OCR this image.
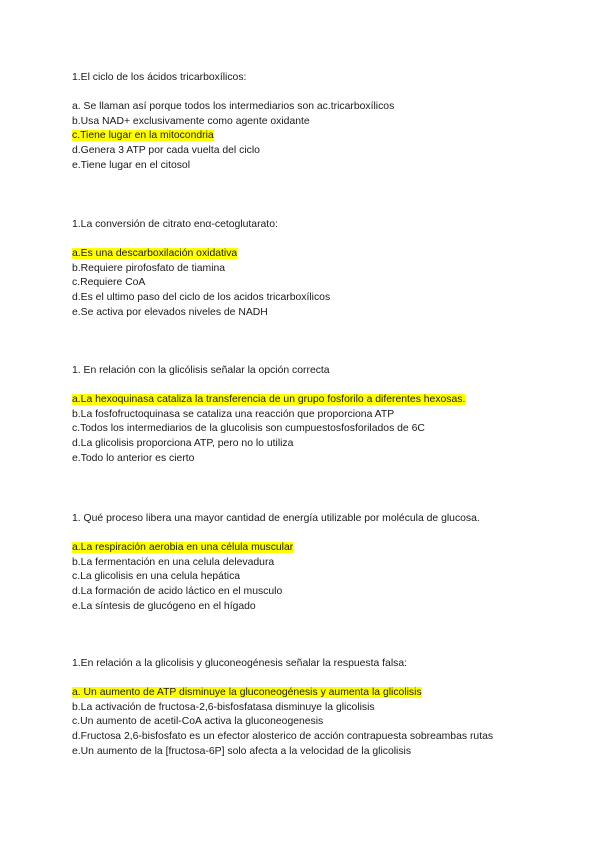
1.El ciclo de los ácidos tricarboxílicos:

a. Se llaman así porque todos los intermediarios son ac.tricarboxílicos
b.Usa NAD+ exclusivamente como agente oxidante
c.Tiene lugar en la mitocondria
d.Genera 3 ATP por cada vuelta del ciclo
e.Tiene lugar en el citosol

1.La conversión de citrato enα-cetoglutarato:

a.Es una descarboxilación oxidativa
b.Requiere pirofosfato de tiamina
c.Requiere CoA
d.Es el ultimo paso del ciclo de los acidos tricarboxílicos
e.Se activa por elevados niveles de NADH

1. En relación con la glicólisis señalar la opción correcta

a.La hexoquinasa cataliza la transferencia de un grupo fosforilo a diferentes hexosas.
b.La fosfofructoquinasa se cataliza una reacción que proporciona ATP
c.Todos los intermediarios de la glucolisis son cumpuestosfosforilados de 6C
d.La glicolisis proporciona ATP, pero no lo utiliza
e.Todo lo anterior es cierto

1. Qué proceso libera una mayor cantidad de energía utilizable por molécula de glucosa.

a.La respiración aerobia en una célula muscular
b.La fermentación en una celula delevadura
c.La glicolisis en una celula hepática
d.La formación de acido láctico en el musculo
e.La síntesis de glucógeno en el hígado

1.En relación a la glicolisis y gluconeogénesis señalar la respuesta falsa:

a. Un aumento de ATP disminuye la gluconeogénesis y aumenta la glicolisis
b.La activación de fructosa-2,6-bisfosfatasa disminuye la glicolisis
c.Un aumento de acetil-CoA activa la gluconeogenesis
d.Fructosa 2,6-bisfosfato es un efector alosterico de acción contrapuesta sobreambas rutas
e.Un aumento de la [fructosa-6P] solo afecta a la velocidad de la glicolisis
